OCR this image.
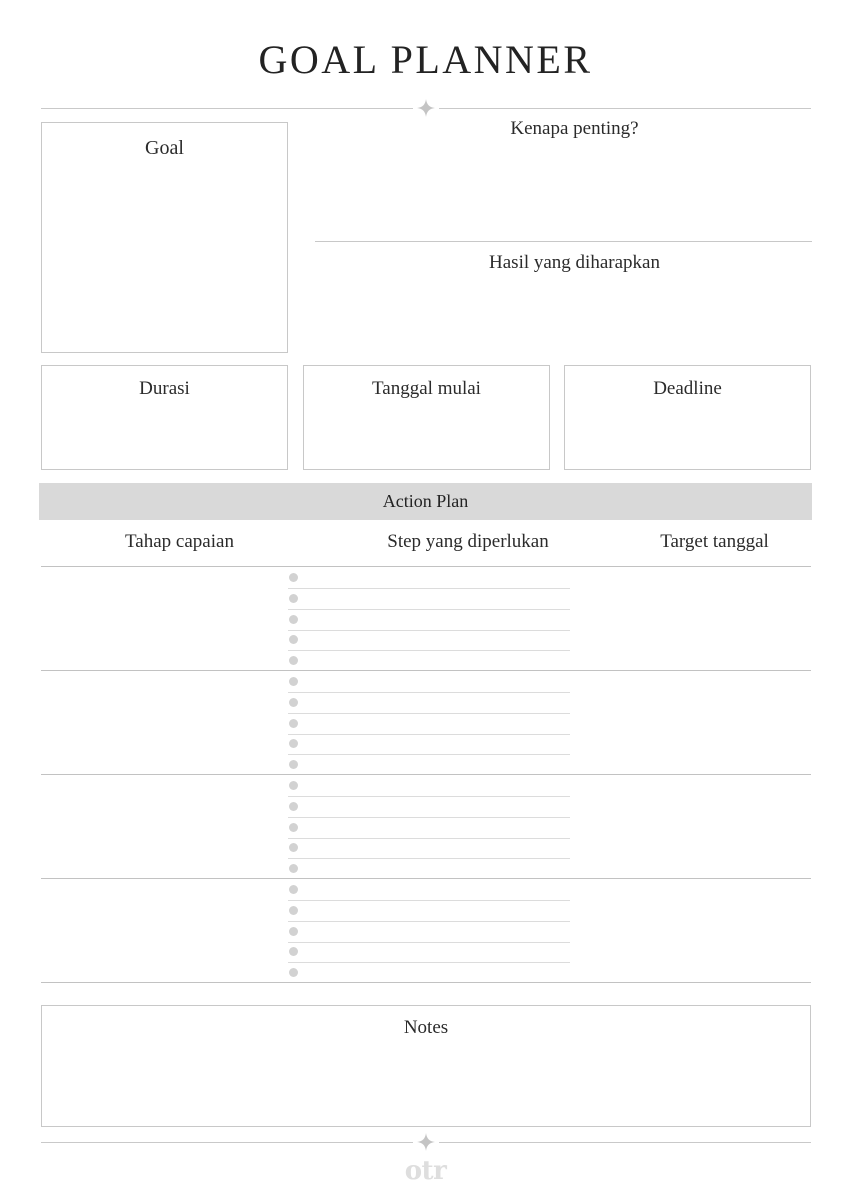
GOAL PLANNER
Goal
Kenapa penting?
Hasil yang diharapkan
Durasi	Tanggal mulai	Deadline
Action Plan
Tahap capaian	Step yang diperlukan	Target tanggal
Notes
otr
